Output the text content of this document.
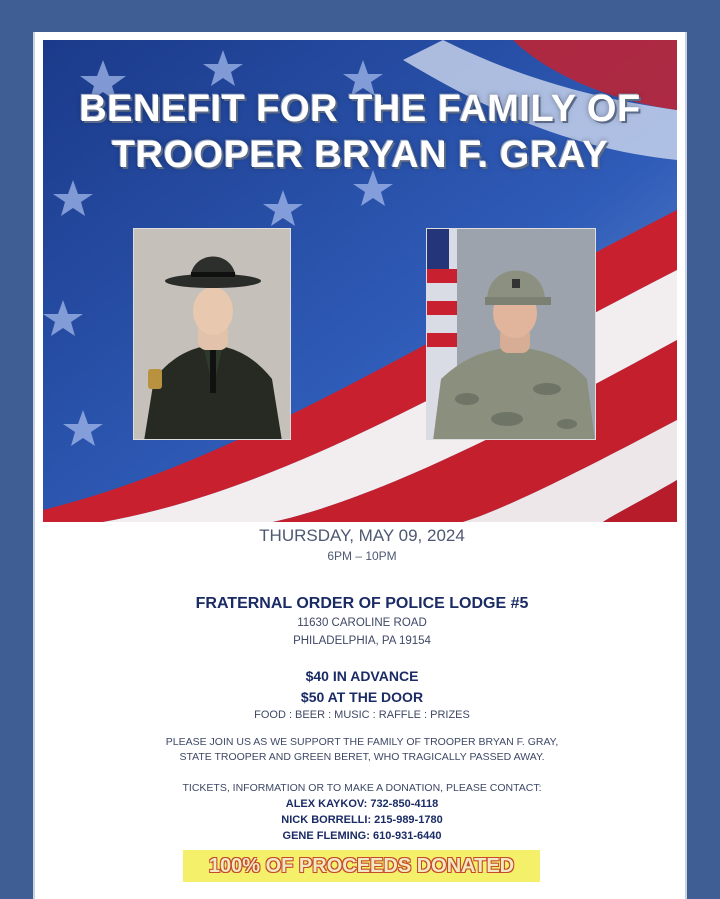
BENEFIT FOR THE FAMILY OF
TROOPER BRYAN F. GRAY
THURSDAY, MAY 09, 2024
6PM – 10PM
FRATERNAL ORDER OF POLICE LODGE #5
11630 CAROLINE ROAD
PHILADELPHIA, PA 19154
$40 IN ADVANCE
$50 AT THE DOOR
FOOD : BEER : MUSIC : RAFFLE : PRIZES
PLEASE JOIN US AS WE SUPPORT THE FAMILY OF TROOPER BRYAN F. GRAY,
STATE TROOPER AND GREEN BERET, WHO TRAGICALLY PASSED AWAY.
TICKETS, INFORMATION OR TO MAKE A DONATION, PLEASE CONTACT:
ALEX KAYKOV: 732-850-4118
NICK BORRELLI: 215-989-1780
GENE FLEMING: 610-931-6440
100% OF PROCEEDS DONATED
